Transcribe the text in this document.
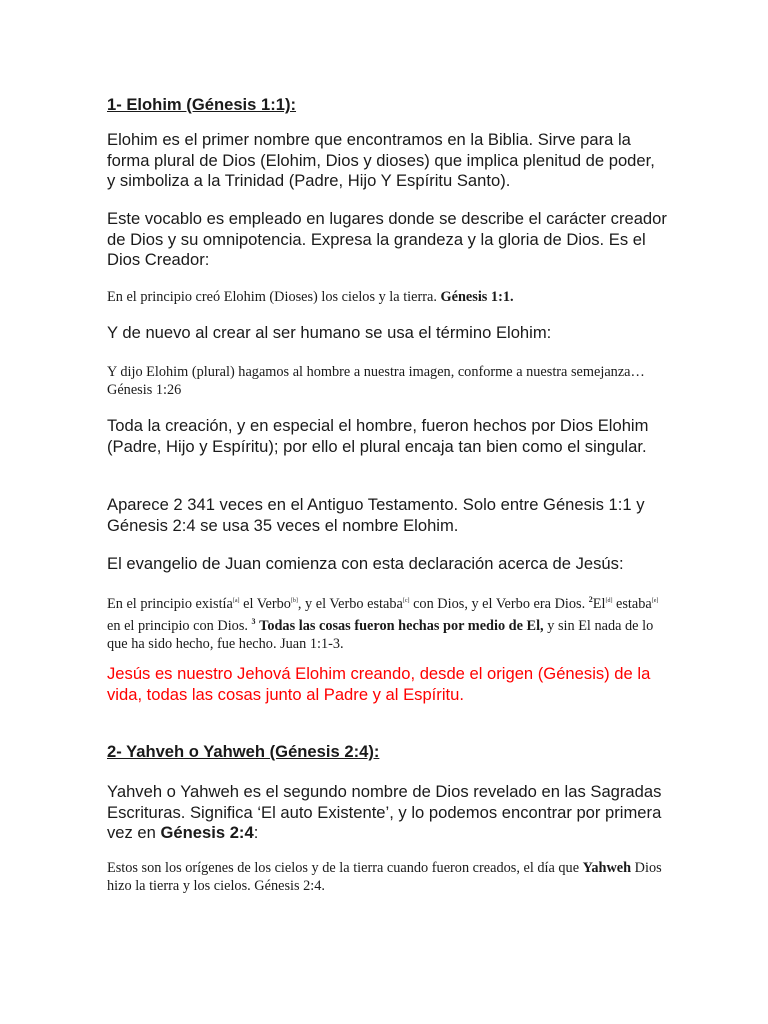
1- Elohim (Génesis 1:1):

Elohim es el primer nombre que encontramos en la Biblia. Sirve para la forma plural de Dios (Elohim, Dios y dioses) que implica plenitud de poder, y simboliza a la Trinidad (Padre, Hijo Y Espíritu Santo).

Este vocablo es empleado en lugares donde se describe el carácter creador de Dios y su omnipotencia. Expresa la grandeza y la gloria de Dios. Es el Dios Creador:

En el principio creó Elohim (Dioses) los cielos y la tierra. Génesis 1:1.

Y de nuevo al crear al ser humano se usa el término Elohim:

Y dijo Elohim (plural) hagamos al hombre a nuestra imagen, conforme a nuestra semejanza… Génesis 1:26

Toda la creación, y en especial el hombre, fueron hechos por Dios Elohim (Padre, Hijo y Espíritu); por ello el plural encaja tan bien como el singular.

Aparece 2 341 veces en el Antiguo Testamento. Solo entre Génesis 1:1 y Génesis 2:4 se usa 35 veces el nombre Elohim.

El evangelio de Juan comienza con esta declaración acerca de Jesús:

En el principio existía[a] el Verbo[b], y el Verbo estaba[c] con Dios, y el Verbo era Dios. $^2$El[d] estaba[e] en el principio con Dios. $^3$ Todas las cosas fueron hechas por medio de El, y sin El nada de lo que ha sido hecho, fue hecho. Juan 1:1-3.

Jesús es nuestro Jehová Elohim creando, desde el origen (Génesis) de la vida, todas las cosas junto al Padre y al Espíritu.

2- Yahveh o Yahweh (Génesis 2:4):

Yahveh o Yahweh es el segundo nombre de Dios revelado en las Sagradas Escrituras. Significa ‘El auto Existente’, y lo podemos encontrar por primera vez en Génesis 2:4:

Estos son los orígenes de los cielos y de la tierra cuando fueron creados, el día que Yahweh Dios hizo la tierra y los cielos. Génesis 2:4.
